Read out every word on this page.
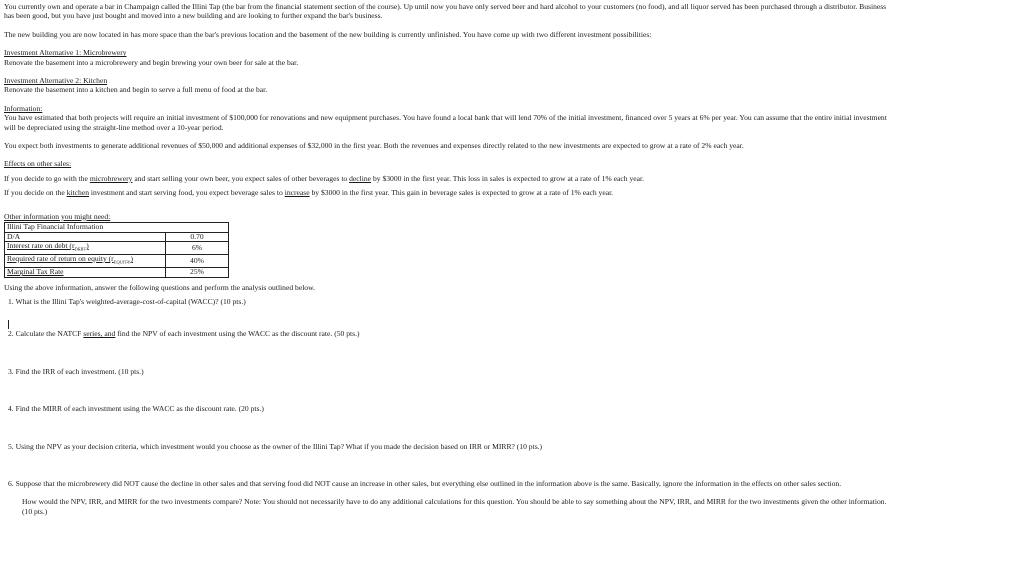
You currently own and operate a bar in Champaign called the Illini Tap (the bar from the financial statement section of the course). Up until now you have only served beer and hard alcohol to your customers (no food), and all liquor served has been purchased through a distributor. Business

has been good, but you have just bought and moved into a new building and are looking to further expand the bar's business.

The new building you are now located in has more space than the bar's previous location and the basement of the new building is currently unfinished. You have come up with two different investment possibilities:

Investment Alternative 1: Microbrewery

Renovate the basement into a microbrewery and begin brewing your own beer for sale at the bar.

Investment Alternative 2: Kitchen

Renovate the basement into a kitchen and begin to serve a full menu of food at the bar.

Information:

You have estimated that both projects will require an initial investment of $100,000 for renovations and new equipment purchases. You have found a local bank that will lend 70% of the initial investment, financed over 5 years at 6% per year. You can assume that the entire initial investment

will be depreciated using the straight-line method over a 10-year period.

You expect both investments to generate additional revenues of $50,000 and additional expenses of $32,000 in the first year. Both the revenues and expenses directly related to the new investments are expected to grow at a rate of 2% each year.

Effects on other sales:

If you decide to go with the microbrewery and start selling your own beer, you expect sales of other beverages to decline by $3000 in the first year. This loss in sales is expected to grow at a rate of 1% each year.

If you decide on the kitchen investment and start serving food, you expect beverage sales to increase by $3000 in the first year. This gain in beverage sales is expected to grow at a rate of 1% each year.

Other information you might need:

Illini Tap Financial Information	
D/A	0.70
Interest rate on debt $(r_{DEBT})$	6%
Required rate of return on equity $(r_{EQUITY})$	40%
Marginal Tax Rate	25%

Using the above information, answer the following questions and perform the analysis outlined below.

1. What is the Illini Tap's weighted-average-cost-of-capital (WACC)? (10 pts.)

2. Calculate the NATCF series, and find the NPV of each investment using the WACC as the discount rate. (50 pts.)

3. Find the IRR of each investment. (10 pts.)

4. Find the MIRR of each investment using the WACC as the discount rate. (20 pts.)

5. Using the NPV as your decision criteria, which investment would you choose as the owner of the Illini Tap? What if you made the decision based on IRR or MIRR? (10 pts.)

6. Suppose that the microbrewery did NOT cause the decline in other sales and that serving food did NOT cause an increase in other sales, but everything else outlined in the information above is the same. Basically, ignore the information in the effects on other sales section.

How would the NPV, IRR, and MIRR for the two investments compare? Note: You should not necessarily have to do any additional calculations for this question. You should be able to say something about the NPV, IRR, and MIRR for the two investments given the other information.

(10 pts.)
